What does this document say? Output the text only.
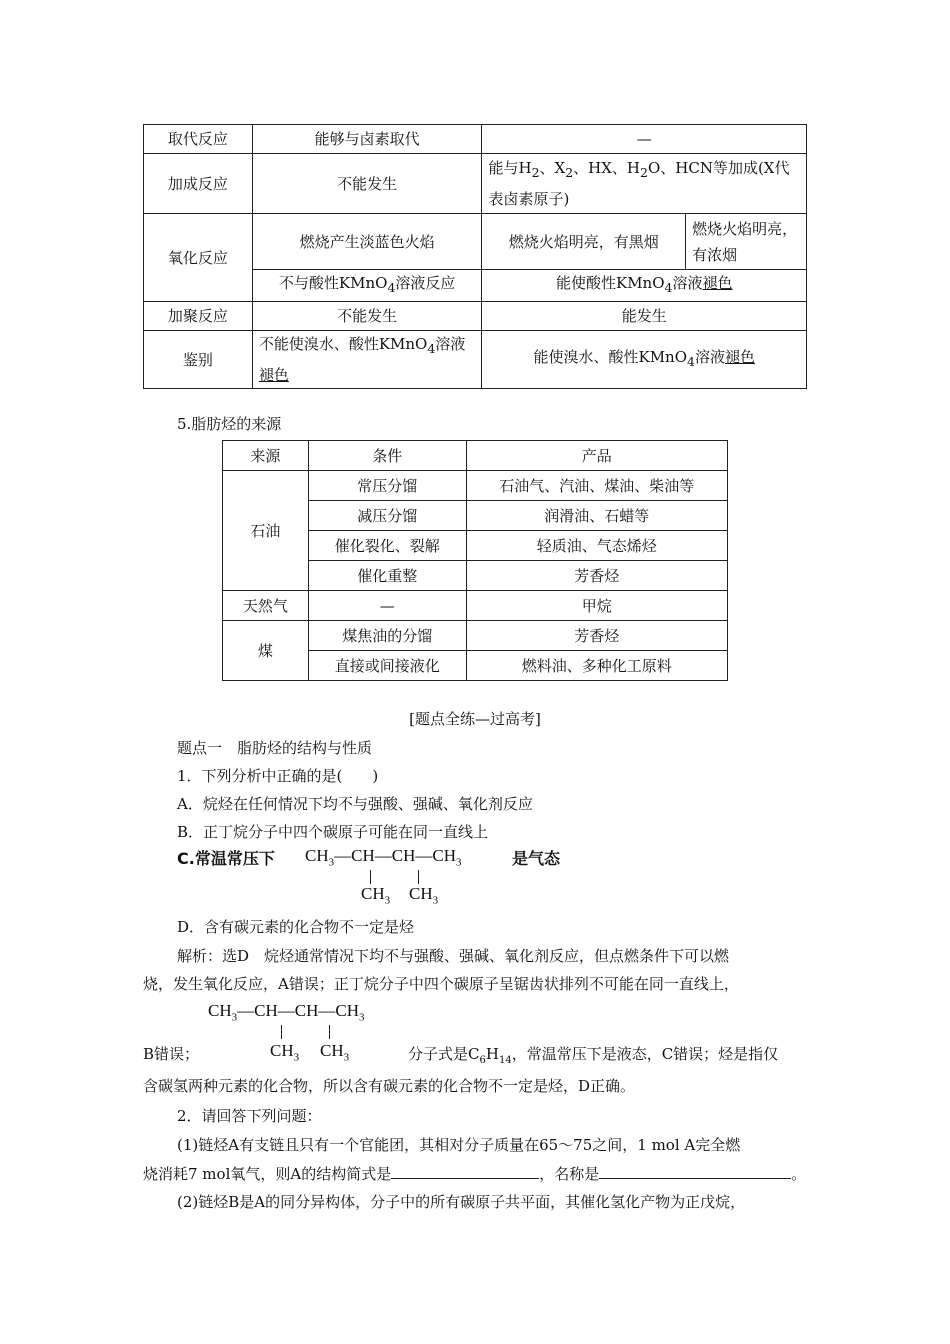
取代反应	能够与卤素取代	—	
加成反应	不能发生	能与$H_2$、$X_2$、HX、$H_2O$、HCN等加成(X代表卤素原子)	
氧化反应	燃烧产生淡蓝色火焰	燃烧火焰明亮，有黑烟	燃烧火焰明亮，有浓烟
	不与酸性KMnO$_4$溶液反应	能使酸性KMnO$_4$溶液褪色	
加聚反应	不能发生	能发生	
鉴别	不能使溴水、酸性KMnO$_4$溶液褪色	能使溴水、酸性KMnO$_4$溶液褪色	
5.脂肪烃的来源
来源	条件	产品
石油	常压分馏	石油气、汽油、煤油、柴油等
	减压分馏	润滑油、石蜡等
	催化裂化、裂解	轻质油、气态烯烃
	催化重整	芳香烃
天然气	—	甲烷
煤	煤焦油的分馏	芳香烃
	直接或间接液化	燃料油、多种化工原料
[题点全练—过高考]
题点一　脂肪烃的结构与性质
1．下列分析中正确的是(　　)
A．烷烃在任何情况下均不与强酸、强碱、氧化剂反应
B．正丁烷分子中四个碳原子可能在同一直线上
C.常温常压下 $CH_3—CH—CH—CH_3$
$CH_3$ $CH_3$
是气态
D．含有碳元素的化合物不一定是烃
解析：选D　烷烃通常情况下均不与强酸、强碱、氧化剂反应，但点燃条件下可以燃
烧，发生氧化反应，A错误；正丁烷分子中四个碳原子呈锯齿状排列不可能在同一直线上，
$CH_3—CH—CH—CH_3$
$CH_3$ $CH_3$
B错误；	分子式是$C_6H_{14}$，常温常压下是液态，C错误；烃是指仅
含碳氢两种元素的化合物，所以含有碳元素的化合物不一定是烃，D正确。
2．请回答下列问题：
(1)链烃A有支链且只有一个官能团，其相对分子质量在65～75之间，1 mol A完全燃
烧消耗7 mol氧气，则A的结构简式是	，名称是	。
(2)链烃B是A的同分异构体，分子中的所有碳原子共平面，其催化氢化产物为正戊烷，
